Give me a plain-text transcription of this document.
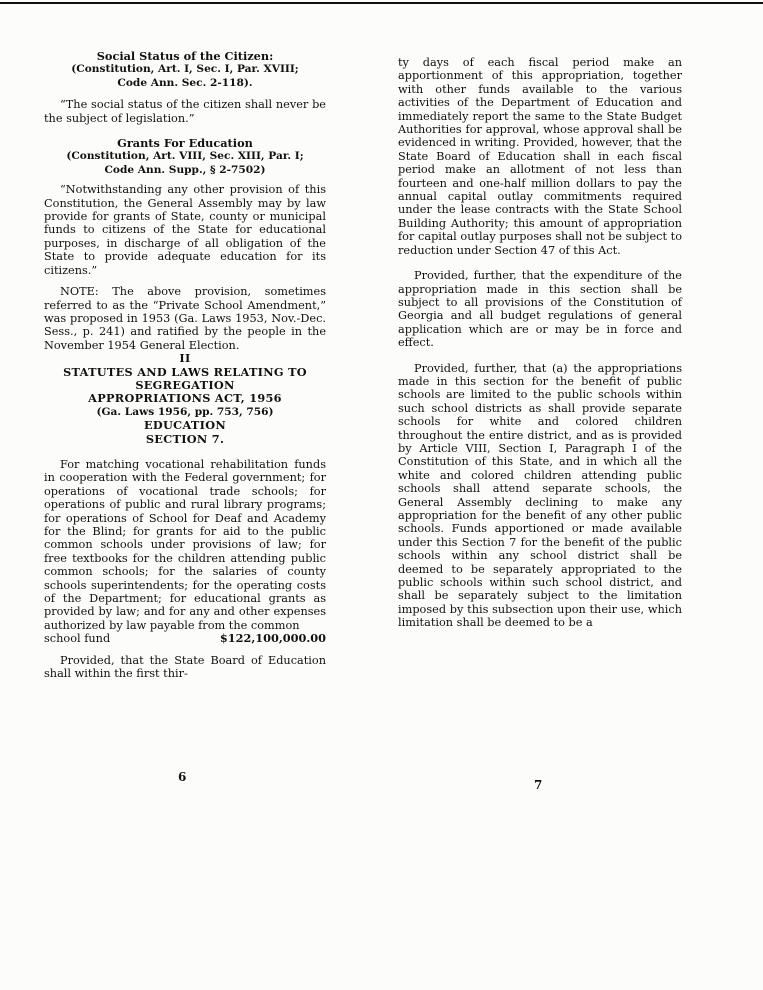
Social Status of the Citizen:

(Constitution, Art. I, Sec. I, Par. XVIII;

Code Ann. Sec. 2-118).

“The social status of the citizen shall never be the subject of legislation.”

Grants For Education

(Constitution, Art. VIII, Sec. XIII, Par. I;

Code Ann. Supp., § 2-7502)

“Notwithstanding any other provision of this Constitution, the General Assembly may by law provide for grants of State, county or municipal funds to citizens of the State for educational purposes, in discharge of all obligation of the State to provide adequate education for its citizens.”

NOTE: The above provision, sometimes referred to as the “Private School Amendment,” was proposed in 1953 (Ga. Laws 1953, Nov.-Dec. Sess., p. 241) and ratified by the people in the November 1954 General Election.

II

STATUTES AND LAWS RELATING TO

SEGREGATION

APPROPRIATIONS ACT, 1956

(Ga. Laws 1956, pp. 753, 756)

EDUCATION

SECTION 7.

For matching vocational rehabilitation funds in cooperation with the Federal government; for operations of vocational trade schools; for operations of public and rural library programs; for operations of School for Deaf and Academy for the Blind; for grants for aid to the public common schools under provisions of law; for free textbooks for the children attending public common schools; for the salaries of county schools superintendents; for the operating costs of the Department; for educational grants as provided by law; and for any and other expenses authorized by law payable from the common

school fund	$122,100,000.00

Provided, that the State Board of Education shall within the first thir-

6

ty days of each fiscal period make an apportionment of this appropriation, together with other funds available to the various activities of the Department of Education and immediately report the same to the State Budget Authorities for approval, whose approval shall be evidenced in writing. Provided, however, that the State Board of Education shall in each fiscal period make an allotment of not less than fourteen and one-half million dollars to pay the annual capital outlay commitments required under the lease contracts with the State School Building Authority; this amount of appropriation for capital outlay purposes shall not be subject to reduction under Section 47 of this Act.

Provided, further, that the expenditure of the appropriation made in this section shall be subject to all provisions of the Constitution of Georgia and all budget regulations of general application which are or may be in force and effect.

Provided, further, that (a) the appropriations made in this section for the benefit of public schools are limited to the public schools within such school districts as shall provide separate schools for white and colored children throughout the entire district, and as is provided by Article VIII, Section I, Paragraph I of the Constitution of this State, and in which all the white and colored children attending public schools shall attend separate schools, the General Assembly declining to make any appropriation for the benefit of any other public schools. Funds apportioned or made available under this Section 7 for the benefit of the public schools within any school district shall be deemed to be separately appropriated to the public schools within such school district, and shall be separately subject to the limitation imposed by this subsection upon their use, which limitation shall be deemed to be a

7
